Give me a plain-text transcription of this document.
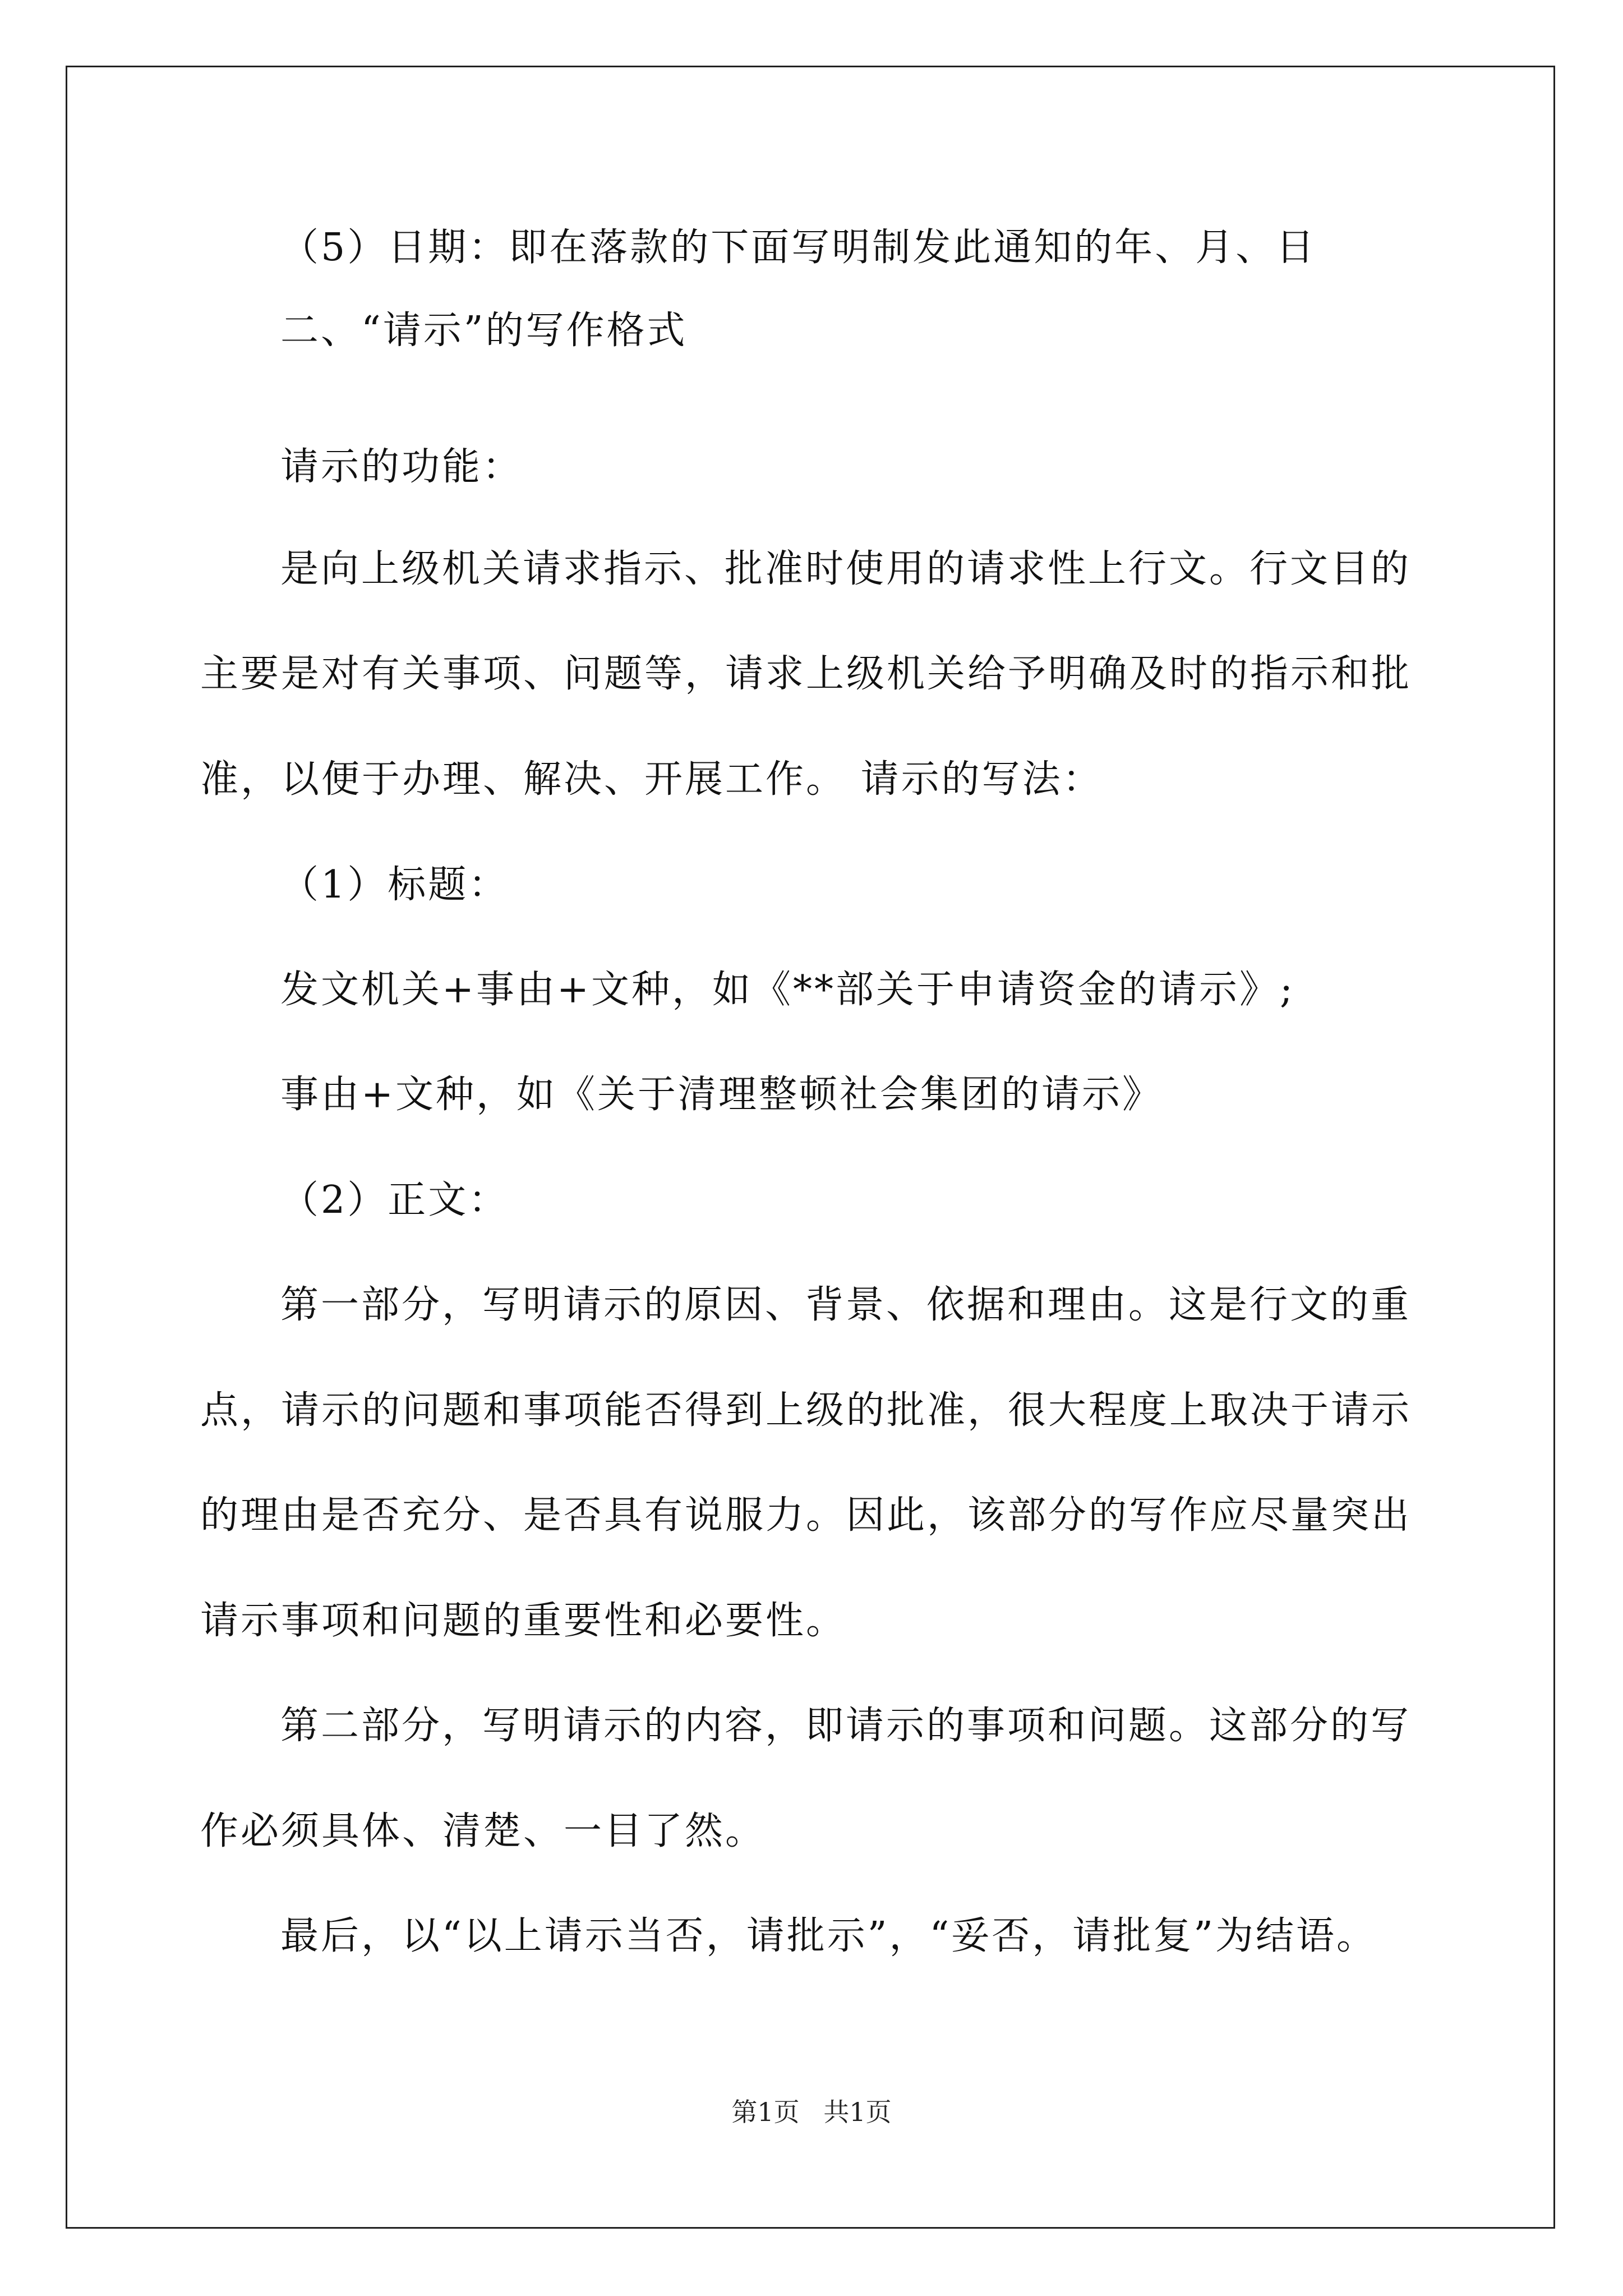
（5）日期：即在落款的下面写明制发此通知的年、月、日
二、“请示”的写作格式
请示的功能：
是向上级机关请求指示、批准时使用的请求性上行文。行文目的
主要是对有关事项、问题等，请求上级机关给予明确及时的指示和批
准，以便于办理、解决、开展工作。 请示的写法：
（1）标题：
发文机关+事由+文种，如《**部关于申请资金的请示》;
事由+文种，如《关于清理整顿社会集团的请示》
（2）正文：
第一部分，写明请示的原因、背景、依据和理由。这是行文的重
点，请示的问题和事项能否得到上级的批准，很大程度上取决于请示
的理由是否充分、是否具有说服力。因此，该部分的写作应尽量突出
请示事项和问题的重要性和必要性。
第二部分，写明请示的内容，即请示的事项和问题。这部分的写
作必须具体、清楚、一目了然。
最后，以“以上请示当否，请批示”，“妥否，请批复”为结语。
第1页 共1页
